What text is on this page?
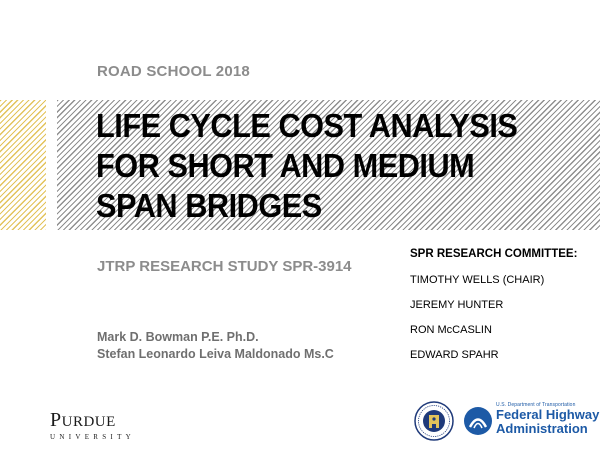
ROAD SCHOOL 2018
LIFE CYCLE COST ANALYSIS
FOR SHORT AND MEDIUM
SPAN BRIDGES
JTRP RESEARCH STUDY SPR-3914
Mark D. Bowman P.E. Ph.D.
Stefan Leonardo Leiva Maldonado Ms.C
SPR RESEARCH COMMITTEE:
TIMOTHY WELLS (CHAIR)
JEREMY HUNTER
RON McCASLIN
EDWARD SPAHR
PURDUE
UNIVERSITY
U.S. Department of Transportation
Federal Highway
Administration
